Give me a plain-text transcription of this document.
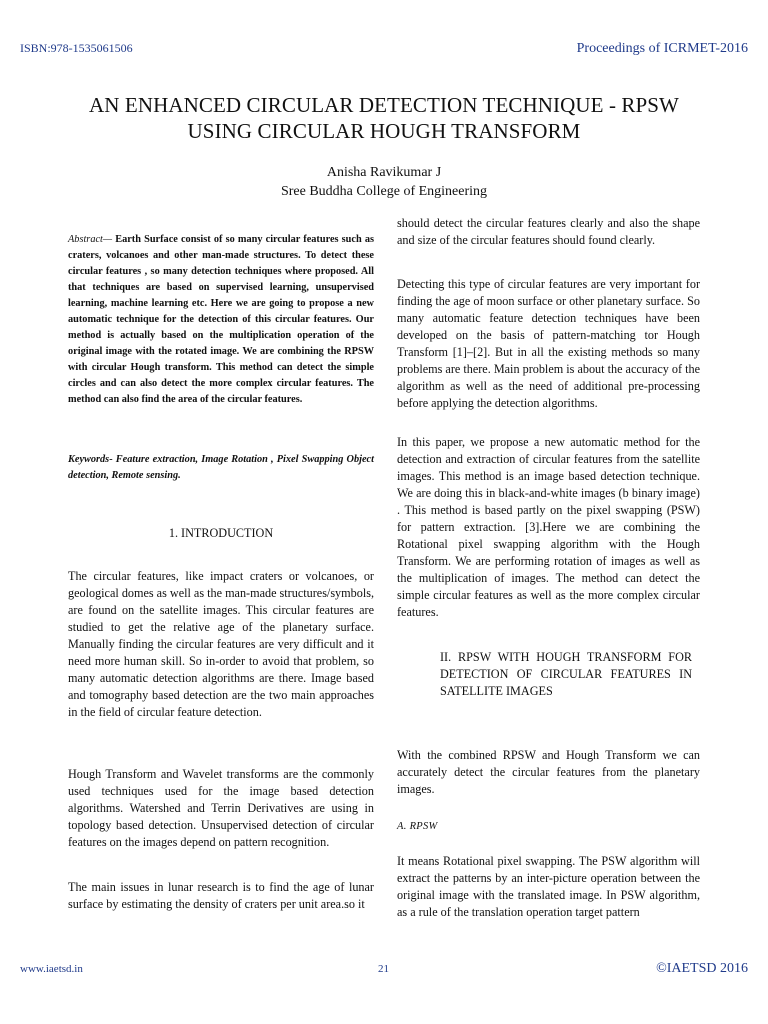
ISBN:978-1535061506	Proceedings of ICRMET-2016
AN ENHANCED CIRCULAR DETECTION TECHNIQUE - RPSW
USING CIRCULAR HOUGH TRANSFORM
Anisha Ravikumar J
Sree Buddha College of Engineering

Abstract— Earth Surface consist of so many circular features such as craters, volcanoes and other man-made structures. To detect these circular features , so many detection techniques where proposed. All that techniques are based on supervised learning, unsupervised learning, machine learning etc. Here we are going to propose a new automatic technique for the detection of this circular features. Our method is actually based on the multiplication operation of the original image with the rotated image. We are combining the RPSW with circular Hough transform. This method can detect the simple circles and can also detect the more complex circular features. The method can also find the area of the circular features.

Keywords- Feature extraction, Image Rotation , Pixel Swapping Object detection, Remote sensing.

1. INTRODUCTION

The circular features, like impact craters or volcanoes, or geological domes as well as the man-made structures/symbols, are found on the satellite images. This circular features are studied to get the relative age of the planetary surface. Manually finding the circular features are very difficult and it need more human skill. So in-order to avoid that problem, so many automatic detection algorithms are there. Image based and tomography based detection are the two main approaches in the field of circular feature detection.

Hough Transform and Wavelet transforms are the commonly used techniques used for the image based detection algorithms. Watershed and Terrin Derivatives are using in topology based detection. Unsupervised detection of circular features on the images depend on pattern recognition.

The main issues in lunar research is to find the age of lunar surface by estimating the density of craters per unit area.so it

should detect the circular features clearly and also the shape and size of the circular features should found clearly.

Detecting this type of circular features are very important for finding the age of moon surface or other planetary surface. So many automatic feature detection techniques have been developed on the basis of pattern-matching tor Hough Transform [1]–[2]. But in all the existing methods so many problems are there. Main problem is about the accuracy of the algorithm as well as the need of additional pre-processing before applying the detection algorithms.

In this paper, we propose a new automatic method for the detection and extraction of circular features from the satellite images. This method is an image based detection technique. We are doing this in black-and-white images (b binary image) . This method is based partly on the pixel swapping (PSW) for pattern extraction. [3].Here we are combining the Rotational pixel swapping algorithm with the Hough Transform. We are performing rotation of images as well as the multiplication of images. The method can detect the simple circular features as well as the more complex circular features.

II. RPSW WITH HOUGH TRANSFORM FOR DETECTION OF CIRCULAR FEATURES IN SATELLITE IMAGES

With the combined RPSW and Hough Transform we can accurately detect the circular features from the planetary images.

A. RPSW

It means Rotational pixel swapping. The PSW algorithm will extract the patterns by an inter-picture operation between the original image with the translated image. In PSW algorithm, as a rule of the translation operation target pattern

www.iaetsd.in	21	©IAETSD 2016
